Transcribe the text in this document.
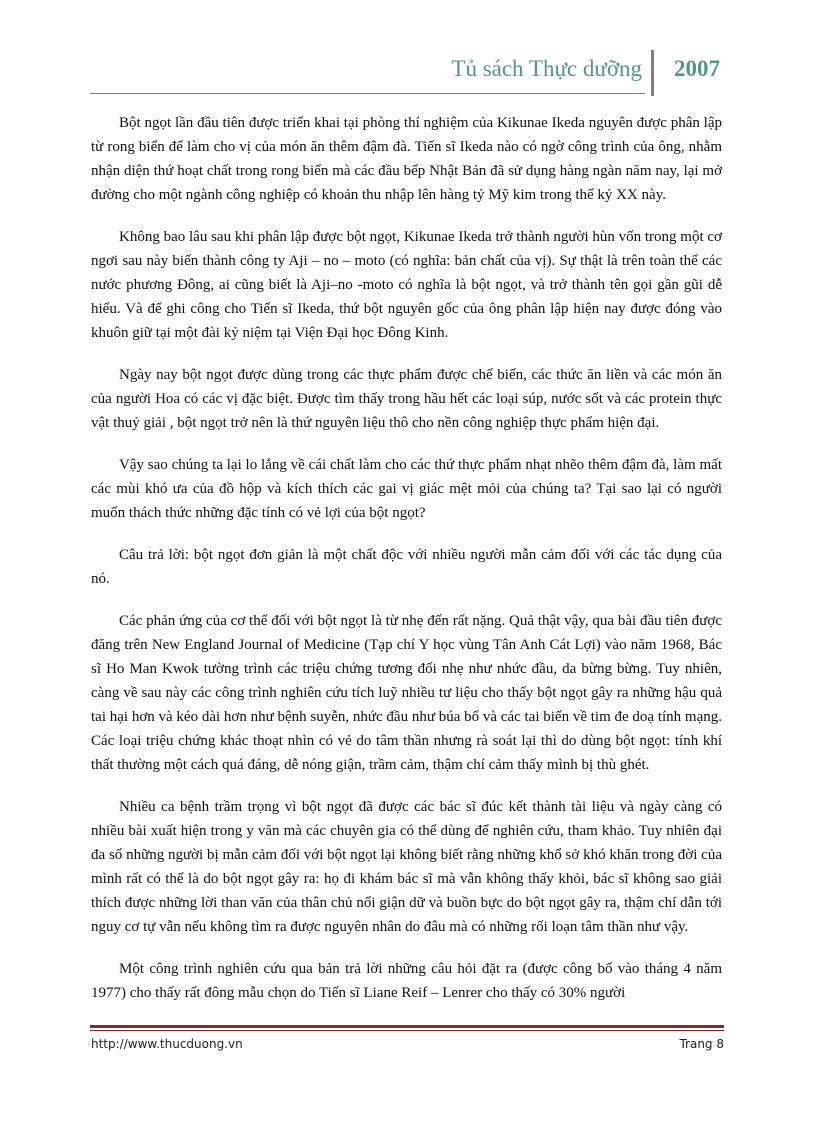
Tủ sách Thực dưỡng 2007

Bột ngọt lần đầu tiên được triển khai tại phòng thí nghiệm của Kikunae Ikeda nguyên được phân lập từ rong biển để làm cho vị của món ăn thêm đậm đà. Tiến sĩ Ikeda nào có ngờ công trình của ông, nhằm nhận diện thứ hoạt chất trong rong biển mà các đầu bếp Nhật Bản đã sử dụng hàng ngàn năm nay, lại mở đường cho một ngành công nghiệp có khoản thu nhập lên hàng tỷ Mỹ kim trong thế kỷ XX này.

Không bao lâu sau khi phân lập được bột ngọt, Kikunae Ikeda trở thành người hùn vốn trong một cơ ngơi sau này biến thành công ty Aji – no – moto (có nghĩa: bản chất của vị). Sự thật là trên toàn thể các nước phương Đông, ai cũng biết là Aji–no -moto có nghĩa là bột ngọt, và trở thành tên gọi gần gũi dễ hiểu. Và để ghi công cho Tiến sĩ Ikeda, thứ bột nguyên gốc của ông phân lập hiện nay được đóng vào khuôn giữ tại một đài kỷ niệm tại Viện Đại học Đông Kinh.

Ngày nay bột ngọt được dùng trong các thực phẩm được chế biến, các thức ăn liền và các món ăn của người Hoa có các vị đặc biệt. Được tìm thấy trong hầu hết các loại súp, nước sốt và các protein thực vật thuỷ giải , bột ngọt trở nên là thứ nguyên liệu thô cho nền công nghiệp thực phẩm hiện đại.

Vậy sao chúng ta lại lo lắng về cái chất làm cho các thứ thực phẩm nhạt nhẽo thêm đậm đà, làm mất các mùi khó ưa của đồ hộp và kích thích các gai vị giác mệt mỏi của chúng ta? Tại sao lại có người muốn thách thức những đặc tính có vẻ lợi của bột ngọt?

Câu trả lời: bột ngọt đơn giản là một chất độc với nhiều người mẫn cảm đối với các tác dụng của nó.

Các phản ứng của cơ thể đối với bột ngọt là từ nhẹ đến rất nặng. Quả thật vậy, qua bài đầu tiên được đăng trên New England Journal of Medicine (Tạp chí Y học vùng Tân Anh Cát Lợi) vào năm 1968, Bác sĩ Ho Man Kwok tường trình các triệu chứng tương đối nhẹ như nhức đầu, da bừng bừng. Tuy nhiên, càng về sau này các công trình nghiên cứu tích luỹ nhiều tư liệu cho thấy bột ngọt gây ra những hậu quả tai hại hơn và kéo dài hơn như bệnh suyễn, nhức đầu như búa bổ và các tai biến về tim đe doạ tính mạng. Các loại triệu chứng khác thoạt nhìn có vẻ do tâm thần nhưng rà soát lại thì do dùng bột ngọt: tính khí thất thường một cách quá đáng, dễ nóng giận, trầm cảm, thậm chí cảm thấy mình bị thù ghét.

Nhiều ca bệnh trầm trọng vì bột ngọt đã được các bác sĩ đúc kết thành tài liệu và ngày càng có nhiều bài xuất hiện trong y văn mà các chuyên gia có thể dùng để nghiên cứu, tham khảo. Tuy nhiên đại đa số những người bị mẫn cảm đối với bột ngọt lại không biết rằng những khổ sở khó khăn trong đời của mình rất có thể là do bột ngọt gây ra: họ đi khám bác sĩ mà vẫn không thấy khỏi, bác sĩ không sao giải thích được những lời than văn của thân chủ nổi giận dữ và buồn bực do bột ngọt gây ra, thậm chí dẫn tới nguy cơ tự vẫn nếu không tìm ra được nguyên nhân do đâu mà có những rối loạn tâm thần như vậy.

Một công trình nghiên cứu qua bản trả lời những câu hỏi đặt ra (được công bố vào tháng 4 năm 1977) cho thấy rất đông mẫu chọn do Tiến sĩ Liane Reif – Lenrer cho thấy có 30% người

http://www.thucduong.vn	Trang 8
